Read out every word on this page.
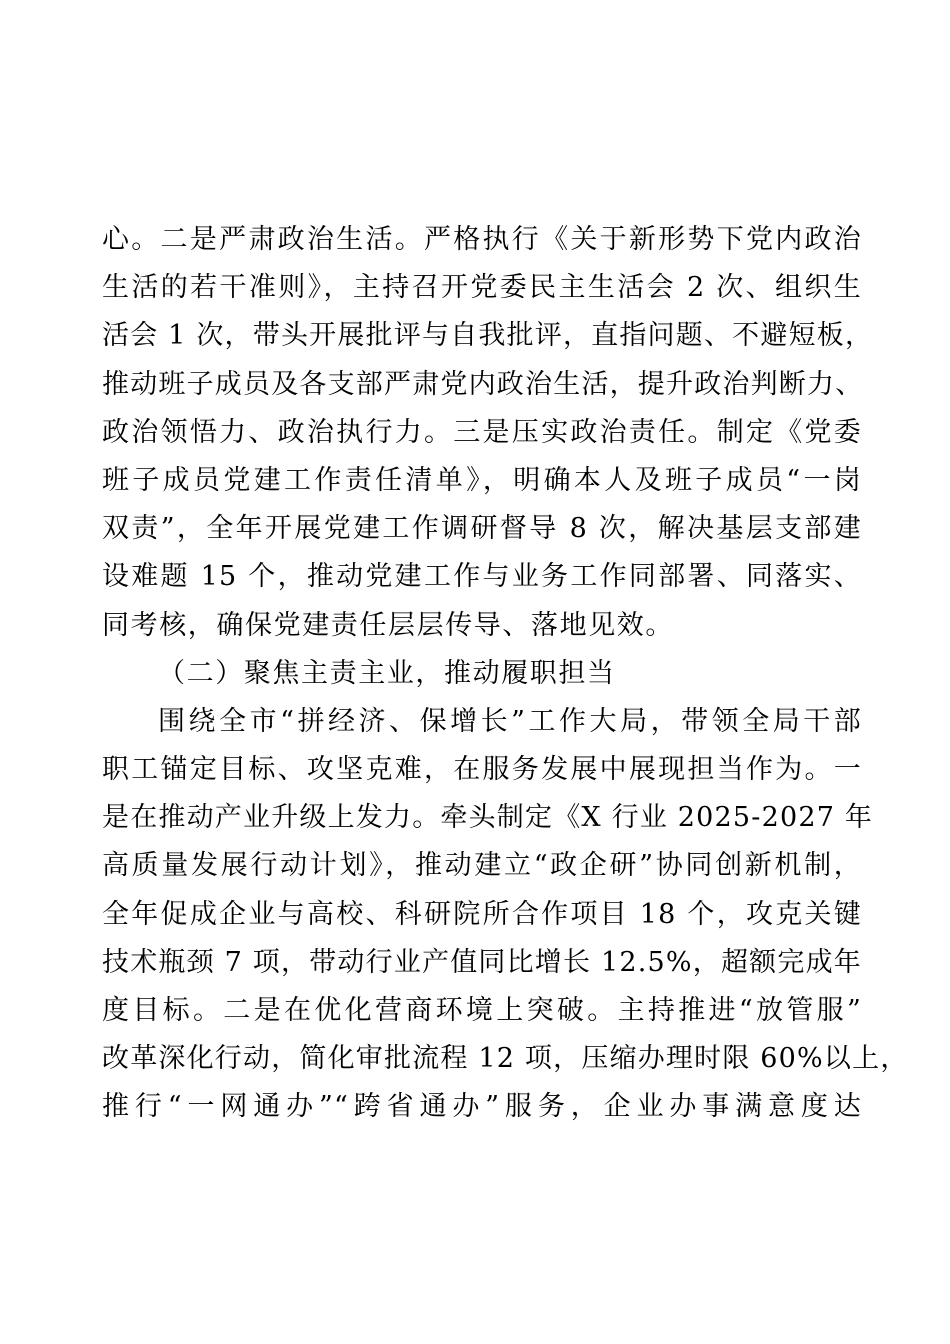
心。二是严肃政治生活。严格执行《关于新形势下党内政治
生活的若干准则》，主持召开党委民主生活会 2 次、组织生
活会 1 次，带头开展批评与自我批评，直指问题、不避短板，
推动班子成员及各支部严肃党内政治生活，提升政治判断力、
政治领悟力、政治执行力。三是压实政治责任。制定《党委
班子成员党建工作责任清单》，明确本人及班子成员“一岗
双责”，全年开展党建工作调研督导 8 次，解决基层支部建
设难题 15 个，推动党建工作与业务工作同部署、同落实、
同考核，确保党建责任层层传导、落地见效。
（二）聚焦主责主业，推动履职担当
围绕全市“拼经济、保增长”工作大局，带领全局干部
职工锚定目标、攻坚克难，在服务发展中展现担当作为。一
是在推动产业升级上发力。牵头制定《X 行业 2025-2027 年
高质量发展行动计划》，推动建立“政企研”协同创新机制，
全年促成企业与高校、科研院所合作项目 18 个，攻克关键
技术瓶颈 7 项，带动行业产值同比增长 12.5%，超额完成年
度目标。二是在优化营商环境上突破。主持推进“放管服”
改革深化行动，简化审批流程 12 项，压缩办理时限 60%以上，
推行“一网通办”“跨省通办”服务，企业办事满意度达
